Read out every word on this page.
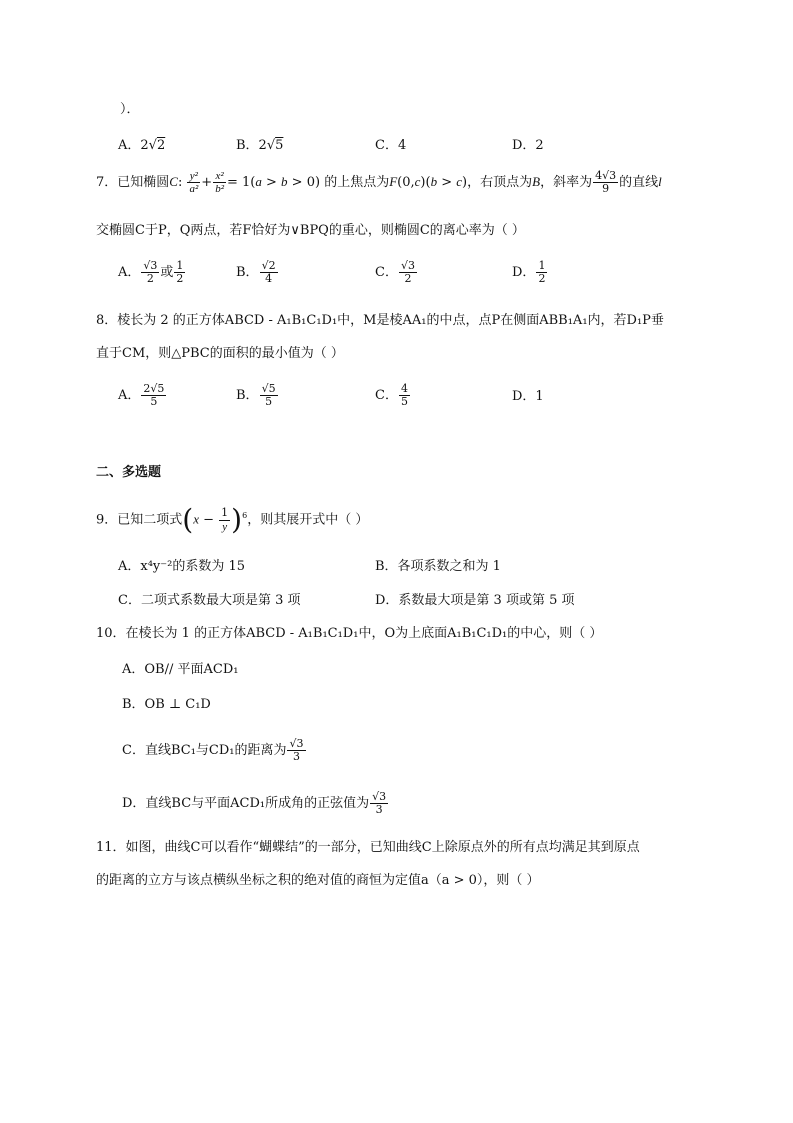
）．
A．2√2	B．2√5	C．4	D．2
7．已知椭圆C: $\frac{\text{y²}}{\text{a²}} + \frac{\text{x²}}{\text{b²}} = 1(a > b > 0)$ 的上焦点为F(0,c)(b > c)，右顶点为B，斜率为 $\frac{4√3}{9}$ 的直线l
交椭圆C于P，Q两点，若F恰好为∨BPQ的重心，则椭圆C的离心率为（ ）
A． $\frac{√3}{2}$ 或 $\frac{1}{2}$	B． $\frac{√2}{4}$	C． $\frac{√3}{2}$	D． $\frac{1}{2}$
8．棱长为 2 的正方体ABCD - A₁B₁C₁D₁中，M是棱AA₁的中点，点P在侧面ABB₁A₁内，若D₁P垂
直于CM，则△PBC的面积的最小值为（ ）
A． $\frac{2√5}{5}$	B． $\frac{√5}{5}$	C． $\frac{4}{5}$	D．1
二、多选题
9．已知二项式$(x - \frac{1}{y} )^6$，则其展开式中（ ）
A．x⁴y⁻²的系数为 15	B．各项系数之和为 1
C．二项式系数最大项是第 3 项	D．系数最大项是第 3 项或第 5 项
10．在棱长为 1 的正方体ABCD - A₁B₁C₁D₁中，O为上底面A₁B₁C₁D₁的中心，则（ ）
A．OB// 平面ACD₁
B．OB ⊥ C₁D
C．直线BC₁与CD₁的距离为 $\frac{√3}{3}$
D．直线BC与平面ACD₁所成角的正弦值为 $\frac{√3}{3}$
11．如图，曲线C可以看作“蝴蝶结”的一部分，已知曲线C上除原点外的所有点均满足其到原点
的距离的立方与该点横纵坐标之积的绝对值的商恒为定值a（a > 0），则（ ）
